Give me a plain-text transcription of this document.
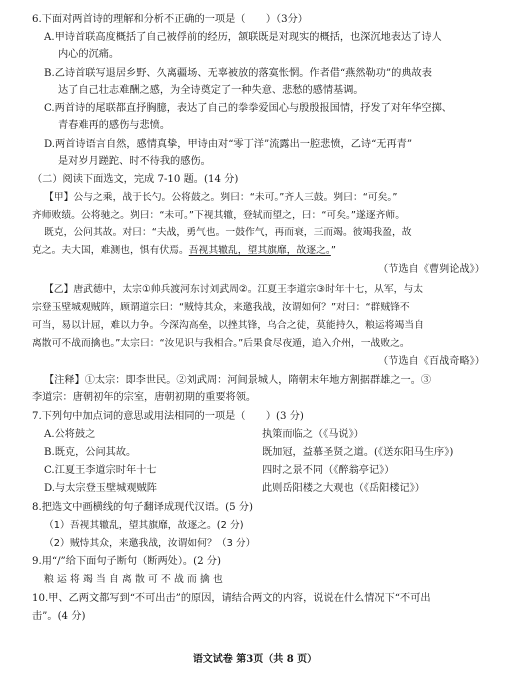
6.下面对两首诗的理解和分析不正确的一项是（　　）（3分）
A.甲诗首联高度概括了自己被俘前的经历，颔联既是对现实的概括，也深沉地表达了诗人
内心的沉痛。
B.乙诗首联写退居乡野、久离疆场、无辜被放的落寞怅惘。作者借“燕然勒功”的典故表
达了自己壮志难酬之感，为全诗奠定了一种失意、悲愁的感情基调。
C.两首诗的尾联都直抒胸臆，表达了自己的拳拳爱国心与殷殷报国情，抒发了对年华空掷、
青春难再的感伤与悲愤。
D.两首诗语言自然，感情真挚，甲诗由对“零丁洋”流露出一腔悲愤，乙诗“无再青”
是对岁月蹉跎、时不待我的感伤。
（二）阅读下面选文，完成 7-10 题。(14 分)
【甲】公与之乘，战于长勺。公将鼓之。刿曰：“未可。”齐人三鼓。刿曰：“可矣。”
齐师败绩。公将驰之。刿曰：“未可。”下视其辙，登轼而望之，曰：“可矣。”遂逐齐师。
既克，公问其故。对曰：“夫战，勇气也。一鼓作气，再而衰，三而竭。彼竭我盈，故
克之。夫大国，难测也，惧有伏焉。吾视其辙乱，望其旗靡，故逐之。”
（节选自《曹刿论战》）
【乙】唐武德中，太宗①帅兵渡河东讨刘武周②。江夏王李道宗③时年十七，从军，与太
宗登玉壁城观贼阵，顾谓道宗曰：“贼恃其众，来邀我战，汝谓如何？”对曰：“群贼锋不
可当，易以计屈，难以力争。今深沟高垒，以挫其锋，乌合之徒，莫能持久，粮运将竭当自
离散可不战而擒也。”太宗曰：“汝见识与我相合。”后果食尽夜遁，追入介州，一战败之。
（节选自《百战奇略》）
【注释】①太宗：即李世民。②刘武周：河间景城人，隋朝末年地方割据群雄之一。③
李道宗：唐朝初年的宗室，唐朝初期的重要将领。
7.下列句中加点词的意思或用法相同的一项是（　　）(3 分)
A.公将鼓之	执策而临之（《马说》）
B.既克，公问其故。	既加冠，益慕圣贤之道。(《送东阳马生序》)
C.江夏王李道宗时年十七	四时之景不同（《醉翁亭记》）
D.与太宗登玉壁城观贼阵	此则岳阳楼之大观也（《岳阳楼记》）
8.把选文中画横线的句子翻译成现代汉语。(5 分)
（1）吾视其辙乱，望其旗靡，故逐之。(2 分)
（2）贼恃其众，来邀我战，汝谓如何？（3 分）
9.用“/”给下面句子断句（断两处）。(2 分)
粮运将竭当自离散可不战而擒也
10.甲、乙两文都写到“不可出击”的原因，请结合两文的内容，说说在什么情况下“不可出
击”。(4 分)
语文试卷 第3页（共 8 页）
